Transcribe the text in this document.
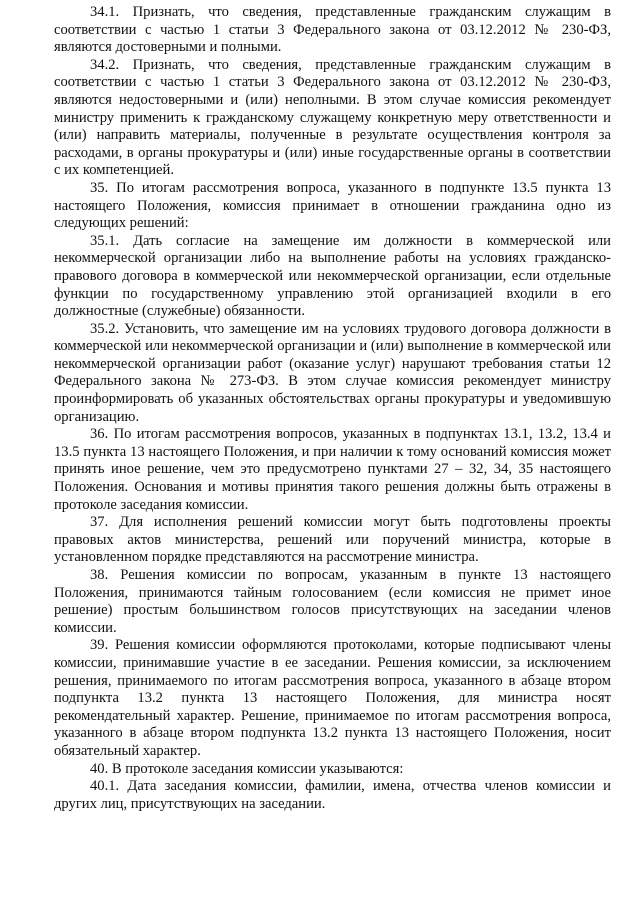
34.1. Признать, что сведения, представленные гражданским служащим в соответствии с частью 1 статьи 3 Федерального закона от 03.12.2012 № 230-ФЗ, являются достоверными и полными.

34.2. Признать, что сведения, представленные гражданским служащим в соответствии с частью 1 статьи 3 Федерального закона от 03.12.2012 № 230-ФЗ, являются недостоверными и (или) неполными. В этом случае комиссия рекомендует министру применить к гражданскому служащему конкретную меру ответственности и (или) направить материалы, полученные в результате осуществления контроля за расходами, в органы прокуратуры и (или) иные государственные органы в соответствии с их компетенцией.

35. По итогам рассмотрения вопроса, указанного в подпункте 13.5 пункта 13 настоящего Положения, комиссия принимает в отношении гражданина одно из следующих решений:

35.1. Дать согласие на замещение им должности в коммерческой или некоммерческой организации либо на выполнение работы на условиях гражданско-правового договора в коммерческой или некоммерческой организации, если отдельные функции по государственному управлению этой организацией входили в его должностные (служебные) обязанности.

35.2. Установить, что замещение им на условиях трудового договора должности в коммерческой или некоммерческой организации и (или) выполнение в коммерческой или некоммерческой организации работ (оказание услуг) нарушают требования статьи 12 Федерального закона № 273-ФЗ. В этом случае комиссия рекомендует министру проинформировать об указанных обстоятельствах органы прокуратуры и уведомившую организацию.

36. По итогам рассмотрения вопросов, указанных в подпунктах 13.1, 13.2, 13.4 и 13.5 пункта 13 настоящего Положения, и при наличии к тому оснований комиссия может принять иное решение, чем это предусмотрено пунктами 27 – 32, 34, 35 настоящего Положения. Основания и мотивы принятия такого решения должны быть отражены в протоколе заседания комиссии.

37. Для исполнения решений комиссии могут быть подготовлены проекты правовых актов министерства, решений или поручений министра, которые в установленном порядке представляются на рассмотрение министра.

38. Решения комиссии по вопросам, указанным в пункте 13 настоящего Положения, принимаются тайным голосованием (если комиссия не примет иное решение) простым большинством голосов присутствующих на заседании членов комиссии.

39. Решения комиссии оформляются протоколами, которые подписывают члены комиссии, принимавшие участие в ее заседании. Решения комиссии, за исключением решения, принимаемого по итогам рассмотрения вопроса, указанного в абзаце втором подпункта 13.2 пункта 13 настоящего Положения, для министра носят рекомендательный характер. Решение, принимаемое по итогам рассмотрения вопроса, указанного в абзаце втором подпункта 13.2 пункта 13 настоящего Положения, носит обязательный характер.

40. В протоколе заседания комиссии указываются:

40.1. Дата заседания комиссии, фамилии, имена, отчества членов комиссии и других лиц, присутствующих на заседании.
